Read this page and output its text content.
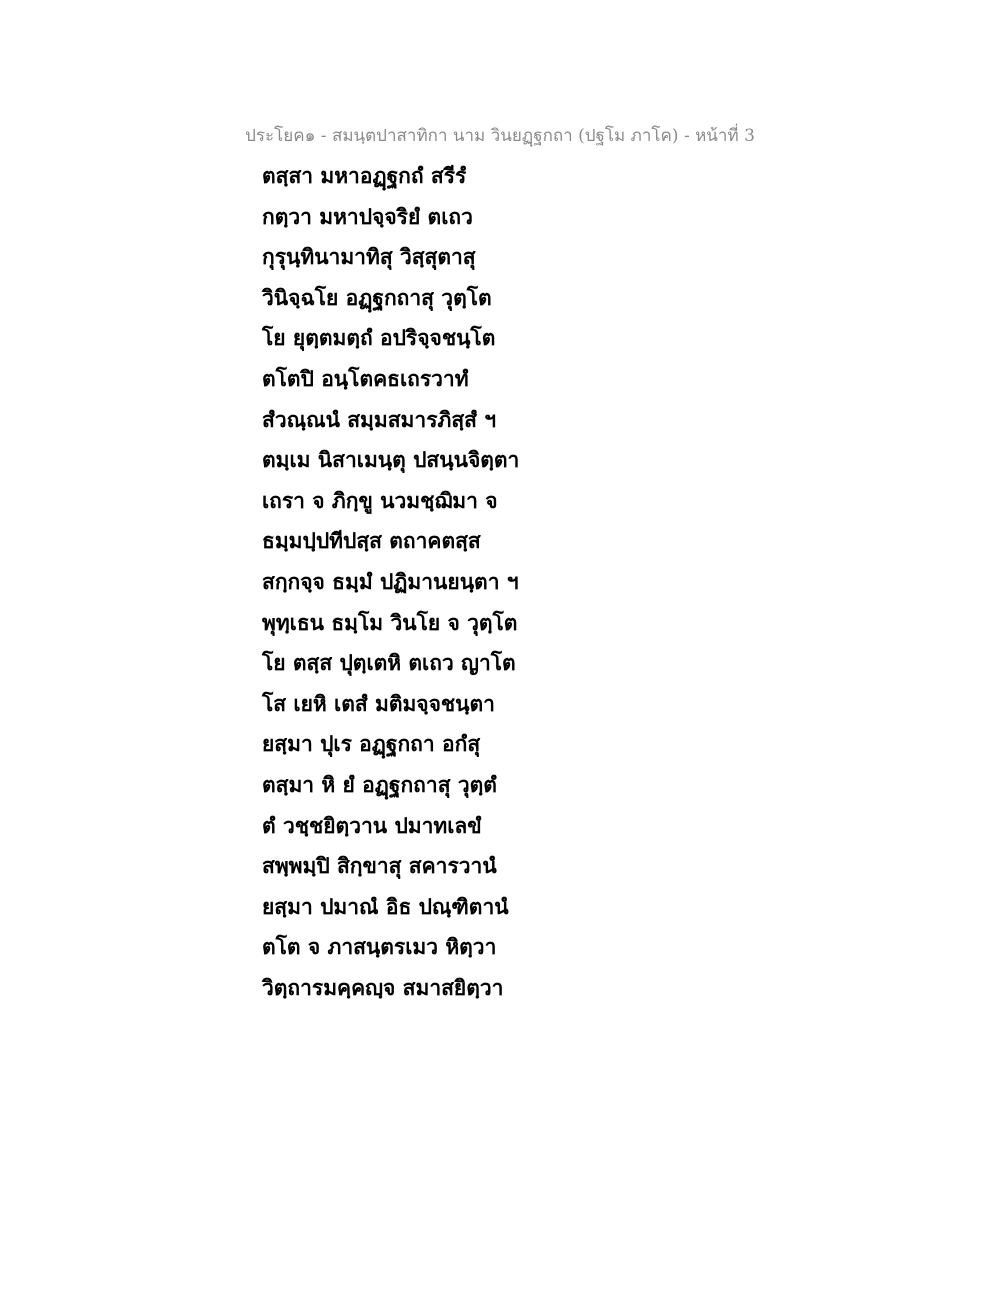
ประโยค๑ - สมนฺตปาสาทิกา นาม วินยฏฺฐกถา (ปฐโม ภาโค) - หน้าที่ 3
ตสฺสา มหาอฏฺฐกถํ สรีรํ
กตฺวา มหาปจฺจริยํ ตเถว
กุรุนฺทินามาทิสุ วิสฺสุตาสุ
วินิจฺฉโย อฏฺฐกถาสุ วุตฺโต
โย ยุตฺตมตฺถํ อปริจฺจชนฺโต
ตโตปิ อนฺโตคธเถรวาทํ
สํวณฺณนํ สมฺมสมารภิสฺสํ ฯ
ตมฺเม นิสาเมนฺตุ ปสนฺนจิตฺตา
เถรา จ ภิกฺขู นวมชฺฌิมา จ
ธมฺมปฺปทีปสฺส ตถาคตสฺส
สกฺกจฺจ ธมฺมํ ปฏิมานยนฺตา ฯ
พุทฺเธน ธมฺโม วินโย จ วุตฺโต
โย ตสฺส ปุตฺเตหิ ตเถว ญาโต
โส เยหิ เตสํ มติมจฺจชนฺตา
ยสฺมา ปุเร อฏฺฐกถา อกํสุ
ตสฺมา หิ ยํ อฏฺฐกถาสุ วุตฺตํ
ตํ วชฺชยิตฺวาน ปมาทเลขํ
สพฺพมฺปิ สิกฺขาสุ สคารวานํ
ยสฺมา ปมาณํ อิธ ปณฺฑิตานํ
ตโต จ ภาสนฺตรเมว หิตฺวา
วิตฺถารมคฺคญฺจ สมาสยิตฺวา
